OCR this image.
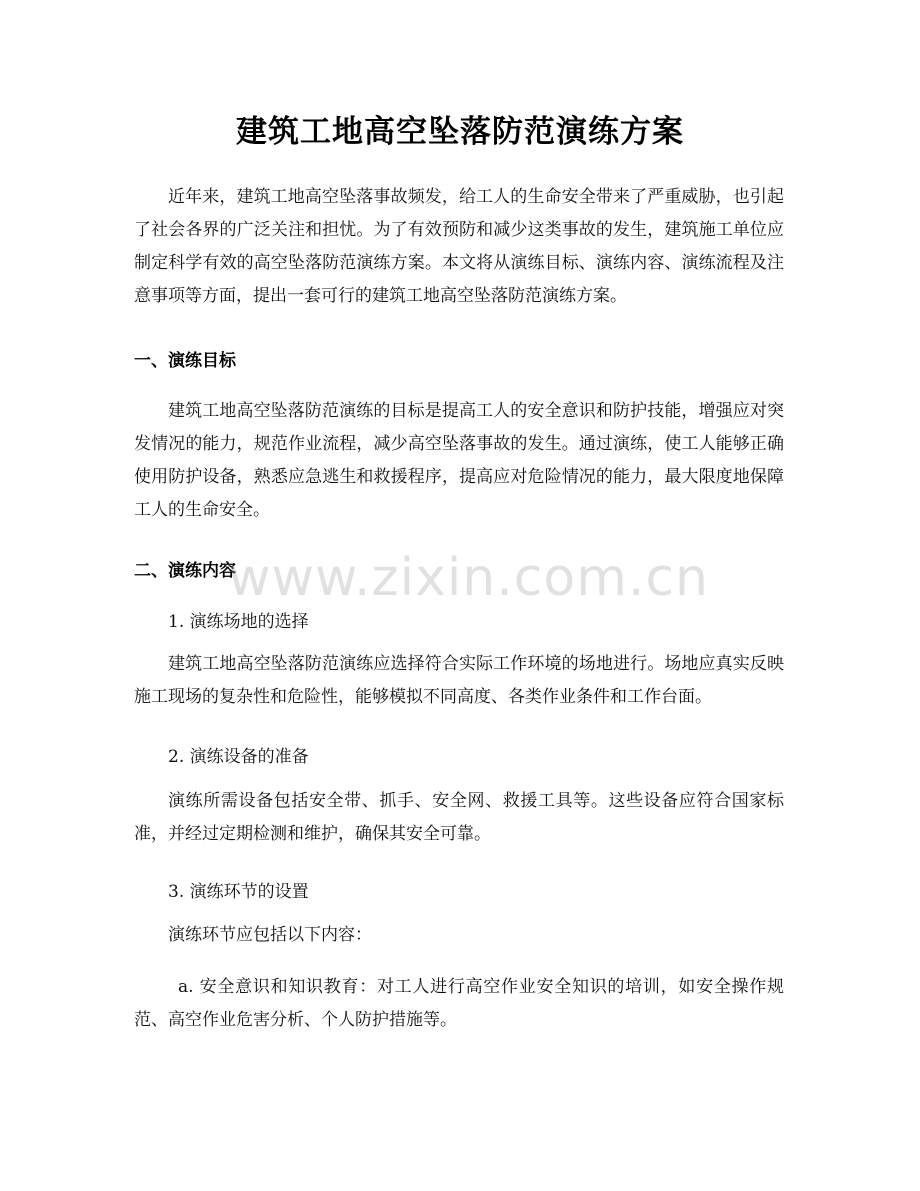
建筑工地高空坠落防范演练方案

近年来，建筑工地高空坠落事故频发，给工人的生命安全带来了严重威胁，也引起了社会各界的广泛关注和担忧。为了有效预防和减少这类事故的发生，建筑施工单位应制定科学有效的高空坠落防范演练方案。本文将从演练目标、演练内容、演练流程及注意事项等方面，提出一套可行的建筑工地高空坠落防范演练方案。

一、演练目标

建筑工地高空坠落防范演练的目标是提高工人的安全意识和防护技能，增强应对突发情况的能力，规范作业流程，减少高空坠落事故的发生。通过演练，使工人能够正确使用防护设备，熟悉应急逃生和救援程序，提高应对危险情况的能力，最大限度地保障工人的生命安全。

二、演练内容

1. 演练场地的选择

建筑工地高空坠落防范演练应选择符合实际工作环境的场地进行。场地应真实反映施工现场的复杂性和危险性，能够模拟不同高度、各类作业条件和工作台面。

2. 演练设备的准备

演练所需设备包括安全带、抓手、安全网、救援工具等。这些设备应符合国家标准，并经过定期检测和维护，确保其安全可靠。

3. 演练环节的设置

演练环节应包括以下内容：

a. 安全意识和知识教育：对工人进行高空作业安全知识的培训，如安全操作规范、高空作业危害分析、个人防护措施等。

www.zixin.com.cn
